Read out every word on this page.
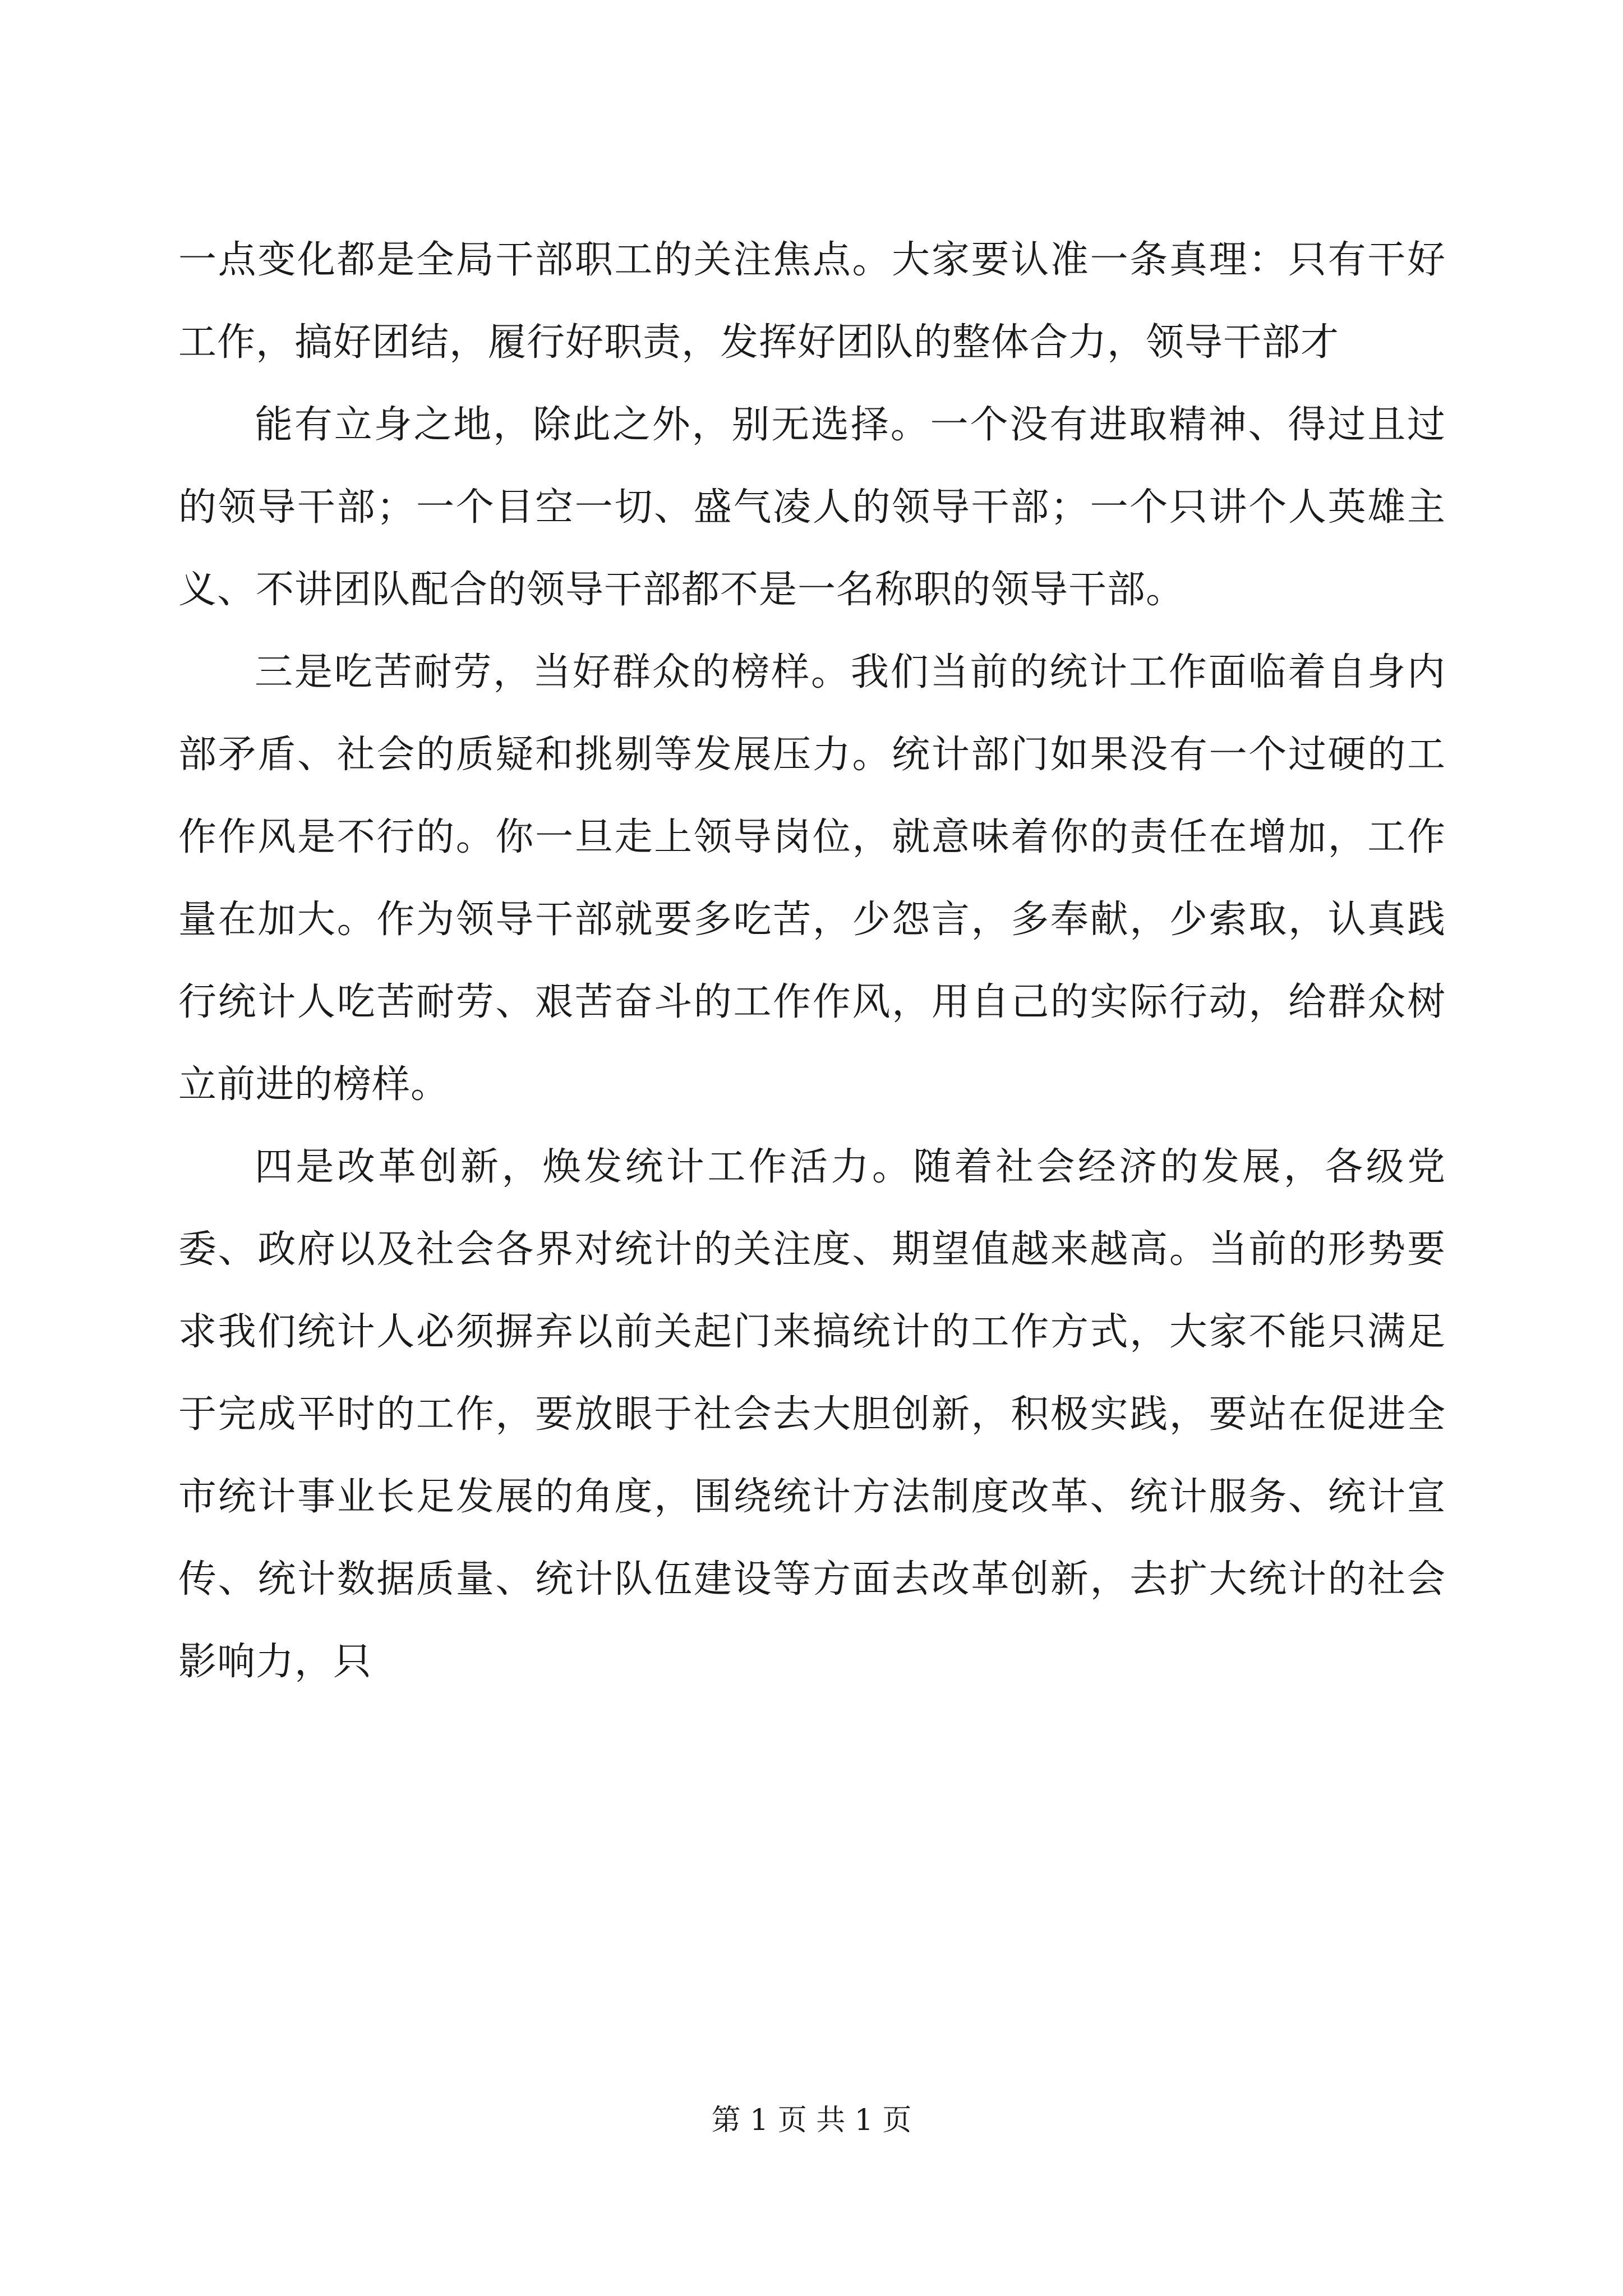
一点变化都是全局干部职工的关注焦点。大家要认准一条真理：只有干好工作，搞好团结，履行好职责，发挥好团队的整体合力，领导干部才

能有立身之地，除此之外，别无选择。一个没有进取精神、得过且过的领导干部；一个目空一切、盛气凌人的领导干部；一个只讲个人英雄主义、不讲团队配合的领导干部都不是一名称职的领导干部。

三是吃苦耐劳，当好群众的榜样。我们当前的统计工作面临着自身内部矛盾、社会的质疑和挑剔等发展压力。统计部门如果没有一个过硬的工作作风是不行的。你一旦走上领导岗位，就意味着你的责任在增加，工作量在加大。作为领导干部就要多吃苦，少怨言，多奉献，少索取，认真践行统计人吃苦耐劳、艰苦奋斗的工作作风，用自己的实际行动，给群众树立前进的榜样。

四是改革创新，焕发统计工作活力。随着社会经济的发展，各级党委、政府以及社会各界对统计的关注度、期望值越来越高。当前的形势要求我们统计人必须摒弃以前关起门来搞统计的工作方式，大家不能只满足于完成平时的工作，要放眼于社会去大胆创新，积极实践，要站在促进全市统计事业长足发展的角度，围绕统计方法制度改革、统计服务、统计宣传、统计数据质量、统计队伍建设等方面去改革创新，去扩大统计的社会影响力，只

第 1 页 共 1 页
